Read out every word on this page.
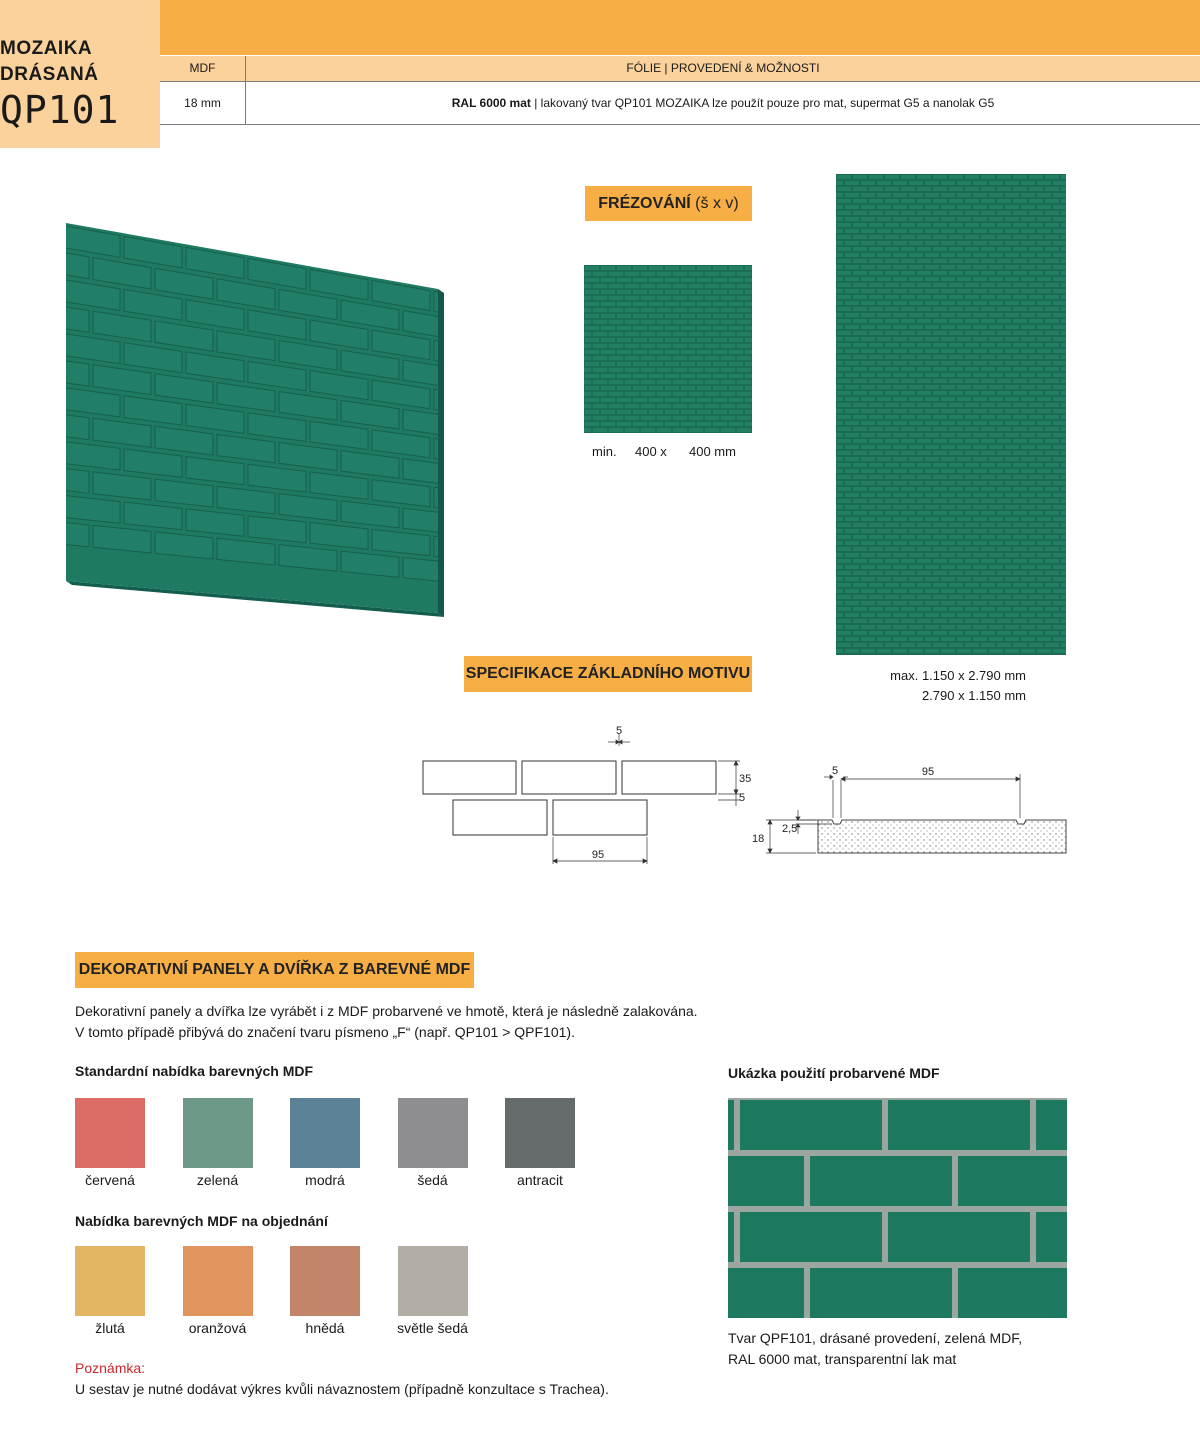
MOZAIKA
DRÁSANÁ
QP101
MDF	FÓLIE | PROVEDENÍ & MOŽNOSTI
18 mm	RAL 6000 mat | lakovaný tvar QP101 MOZAIKA lze použít pouze pro mat, supermat G5 a nanolak G5
FRÉZOVÁNÍ
(š x v)
min. 400 x 400 mm
max. 1.150 x 2.790 mm
2.790 x 1.150 mm
SPECIFIKACE ZÁKLADNÍHO MOTIVU
5
35
5
95
5	95
2,5
18
DEKORATIVNÍ PANELY A DVÍŘKA Z BAREVNÉ MDF
Dekorativní panely a dvířka lze vyrábět i z MDF probarvené ve hmotě, která je následně zalakována.
V tomto případě přibývá do značení tvaru písmeno „F“ (např. QP101 > QPF101).
Standardní nabídka barevných MDF
červená	zelená	modrá	šedá	antracit
Nabídka barevných MDF na objednání
žlutá	oranžová	hnědá	světle šedá
Ukázka použití probarvené MDF
Tvar QPF101, drásané provedení, zelená MDF,
RAL 6000 mat, transparentní lak mat
Poznámka:
U sestav je nutné dodávat výkres kvůli návaznostem (případně konzultace s Trachea).
